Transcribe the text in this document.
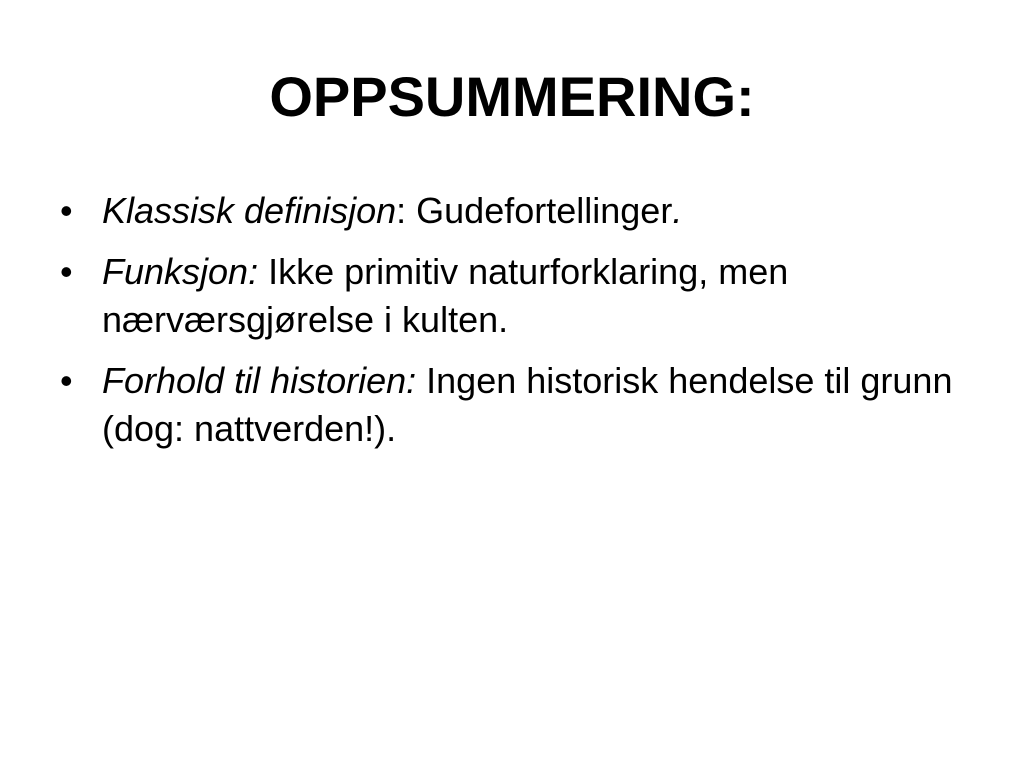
OPPSUMMERING:
• Klassisk definisjon: Gudefortellinger.
• Funksjon: Ikke primitiv naturforklaring, men nærværsgjørelse i kulten.
• Forhold til historien: Ingen historisk hendelse til grunn (dog: nattverden!).
